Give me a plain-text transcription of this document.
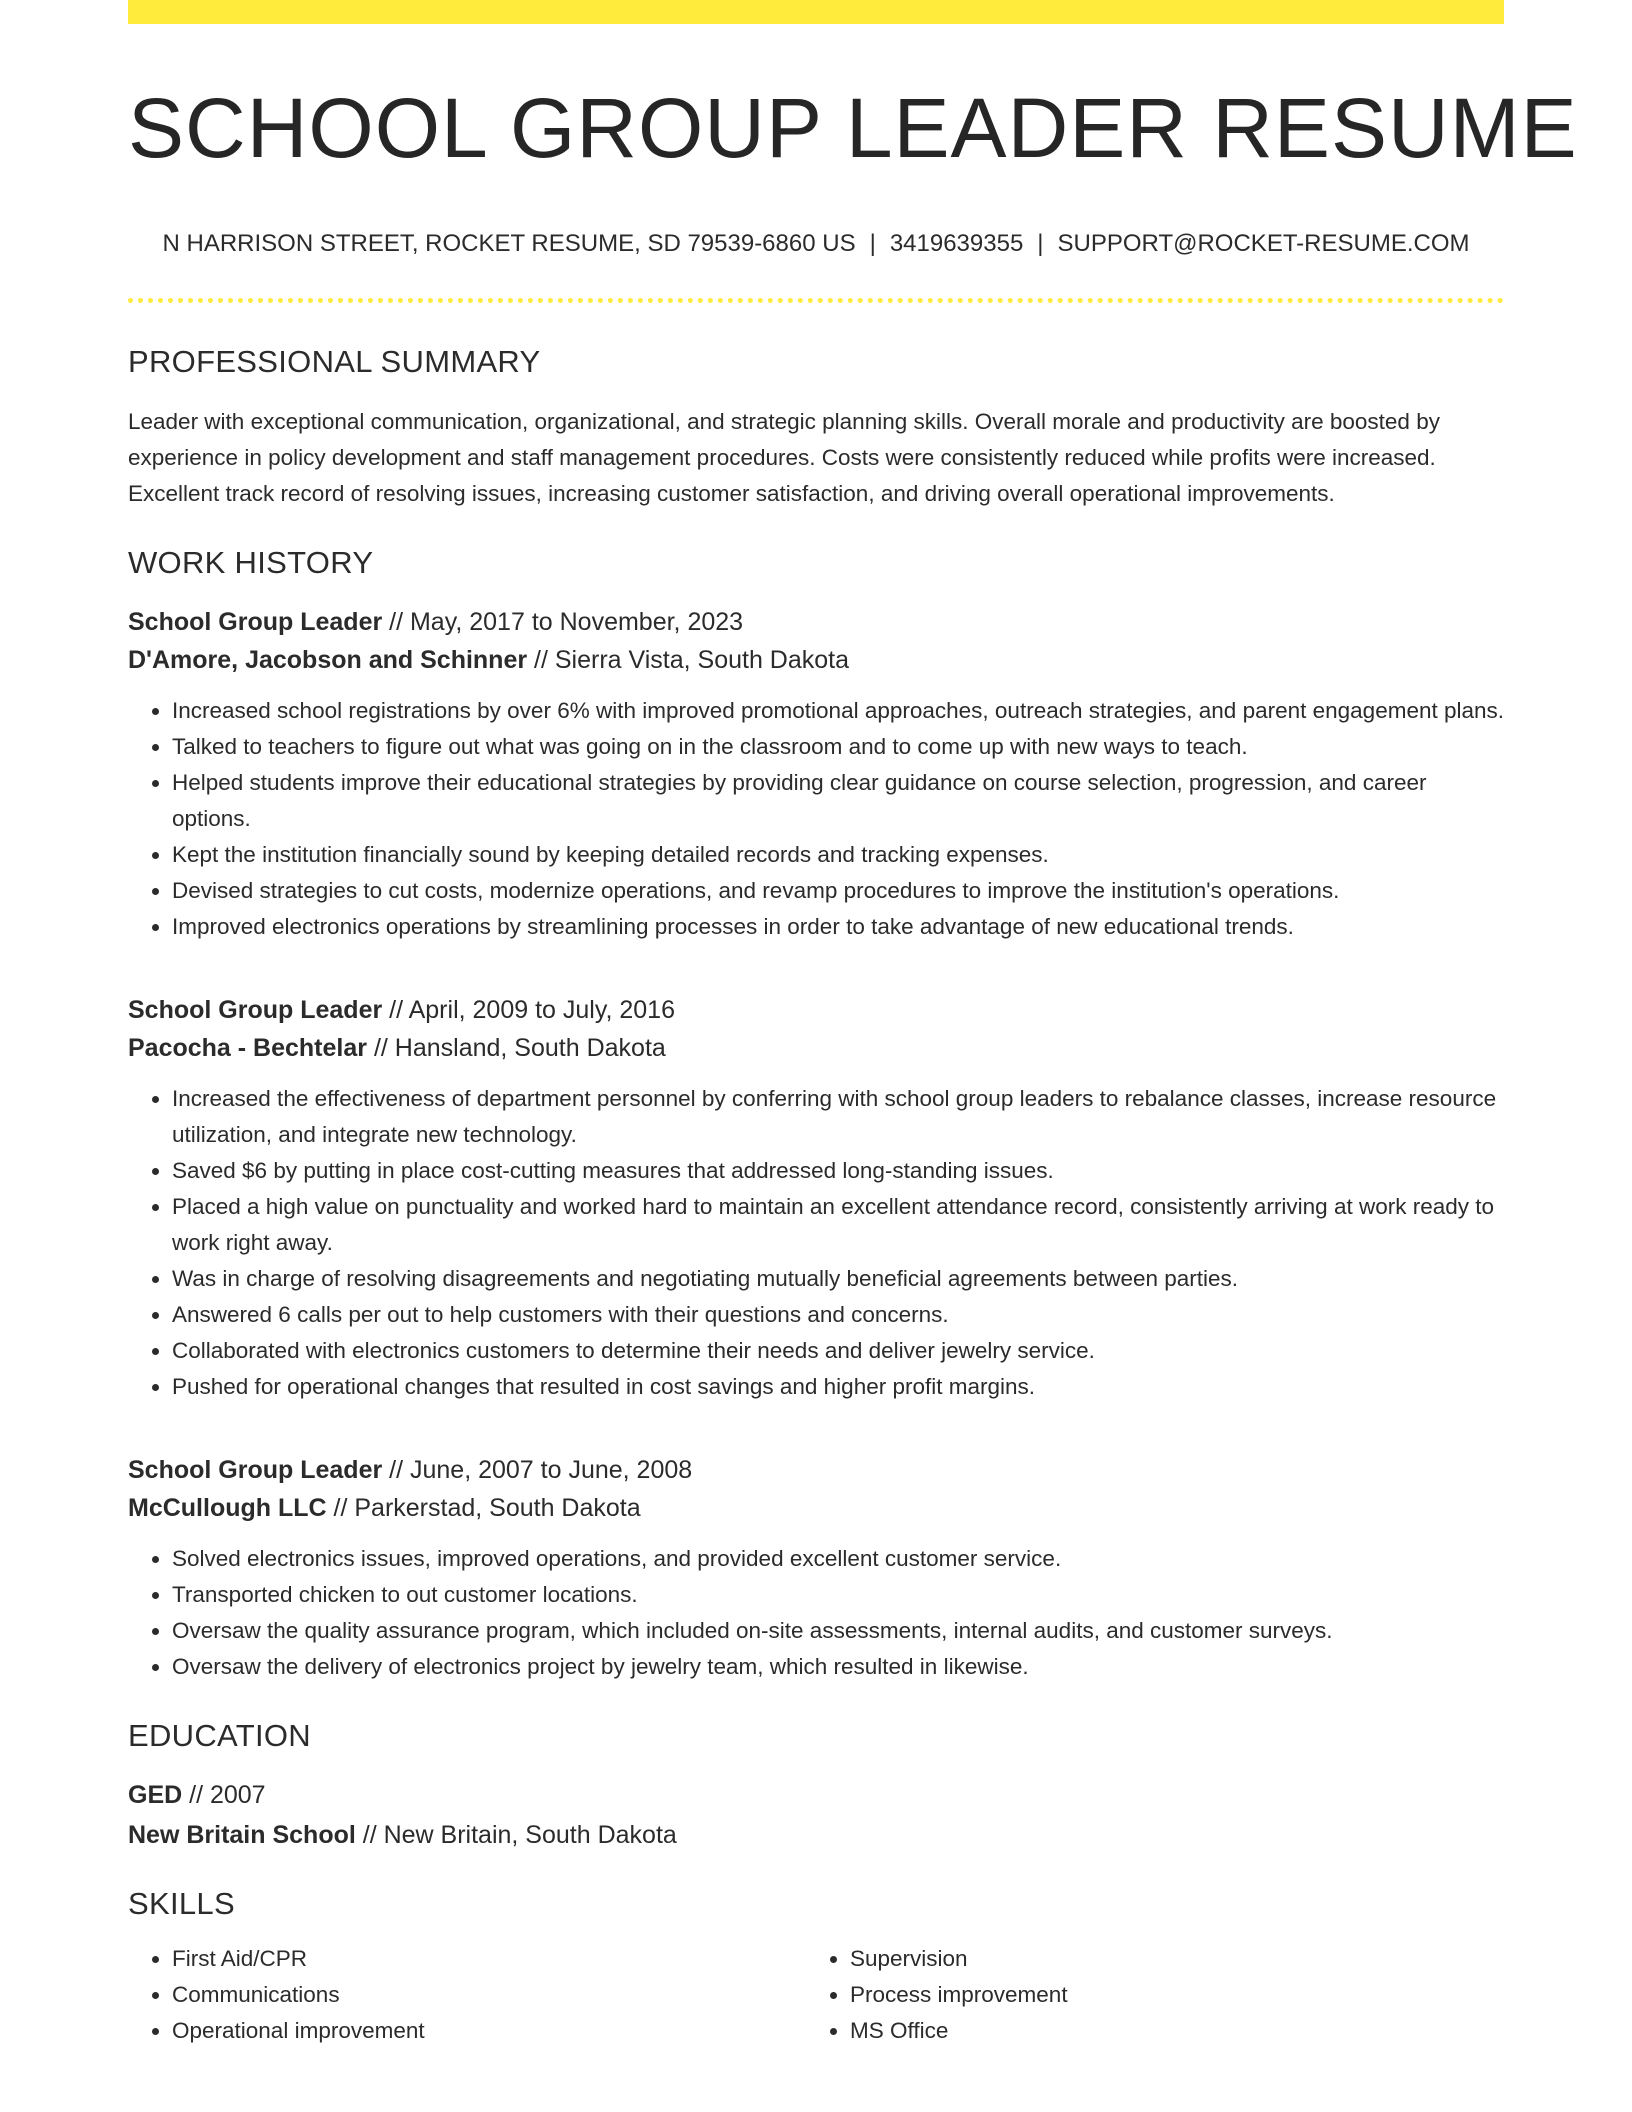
SCHOOL GROUP LEADER RESUME
N HARRISON STREET, ROCKET RESUME, SD 79539-6860 US | 3419639355 | SUPPORT@ROCKET-RESUME.COM
PROFESSIONAL SUMMARY
Leader with exceptional communication, organizational, and strategic planning skills. Overall morale and productivity are boosted by experience in policy development and staff management procedures. Costs were consistently reduced while profits were increased. Excellent track record of resolving issues, increasing customer satisfaction, and driving overall operational improvements.
WORK HISTORY
School Group Leader // May, 2017 to November, 2023
D'Amore, Jacobson and Schinner // Sierra Vista, South Dakota
• Increased school registrations by over 6% with improved promotional approaches, outreach strategies, and parent engagement plans.
• Talked to teachers to figure out what was going on in the classroom and to come up with new ways to teach.
• Helped students improve their educational strategies by providing clear guidance on course selection, progression, and career options.
• Kept the institution financially sound by keeping detailed records and tracking expenses.
• Devised strategies to cut costs, modernize operations, and revamp procedures to improve the institution's operations.
• Improved electronics operations by streamlining processes in order to take advantage of new educational trends.
School Group Leader // April, 2009 to July, 2016
Pacocha - Bechtelar // Hansland, South Dakota
• Increased the effectiveness of department personnel by conferring with school group leaders to rebalance classes, increase resource utilization, and integrate new technology.
• Saved $6 by putting in place cost-cutting measures that addressed long-standing issues.
• Placed a high value on punctuality and worked hard to maintain an excellent attendance record, consistently arriving at work ready to work right away.
• Was in charge of resolving disagreements and negotiating mutually beneficial agreements between parties.
• Answered 6 calls per out to help customers with their questions and concerns.
• Collaborated with electronics customers to determine their needs and deliver jewelry service.
• Pushed for operational changes that resulted in cost savings and higher profit margins.
School Group Leader // June, 2007 to June, 2008
McCullough LLC // Parkerstad, South Dakota
• Solved electronics issues, improved operations, and provided excellent customer service.
• Transported chicken to out customer locations.
• Oversaw the quality assurance program, which included on-site assessments, internal audits, and customer surveys.
• Oversaw the delivery of electronics project by jewelry team, which resulted in likewise.
EDUCATION
GED // 2007
New Britain School // New Britain, South Dakota
SKILLS
• First Aid/CPR
• Communications
• Operational improvement
• Supervision
• Process improvement
• MS Office
